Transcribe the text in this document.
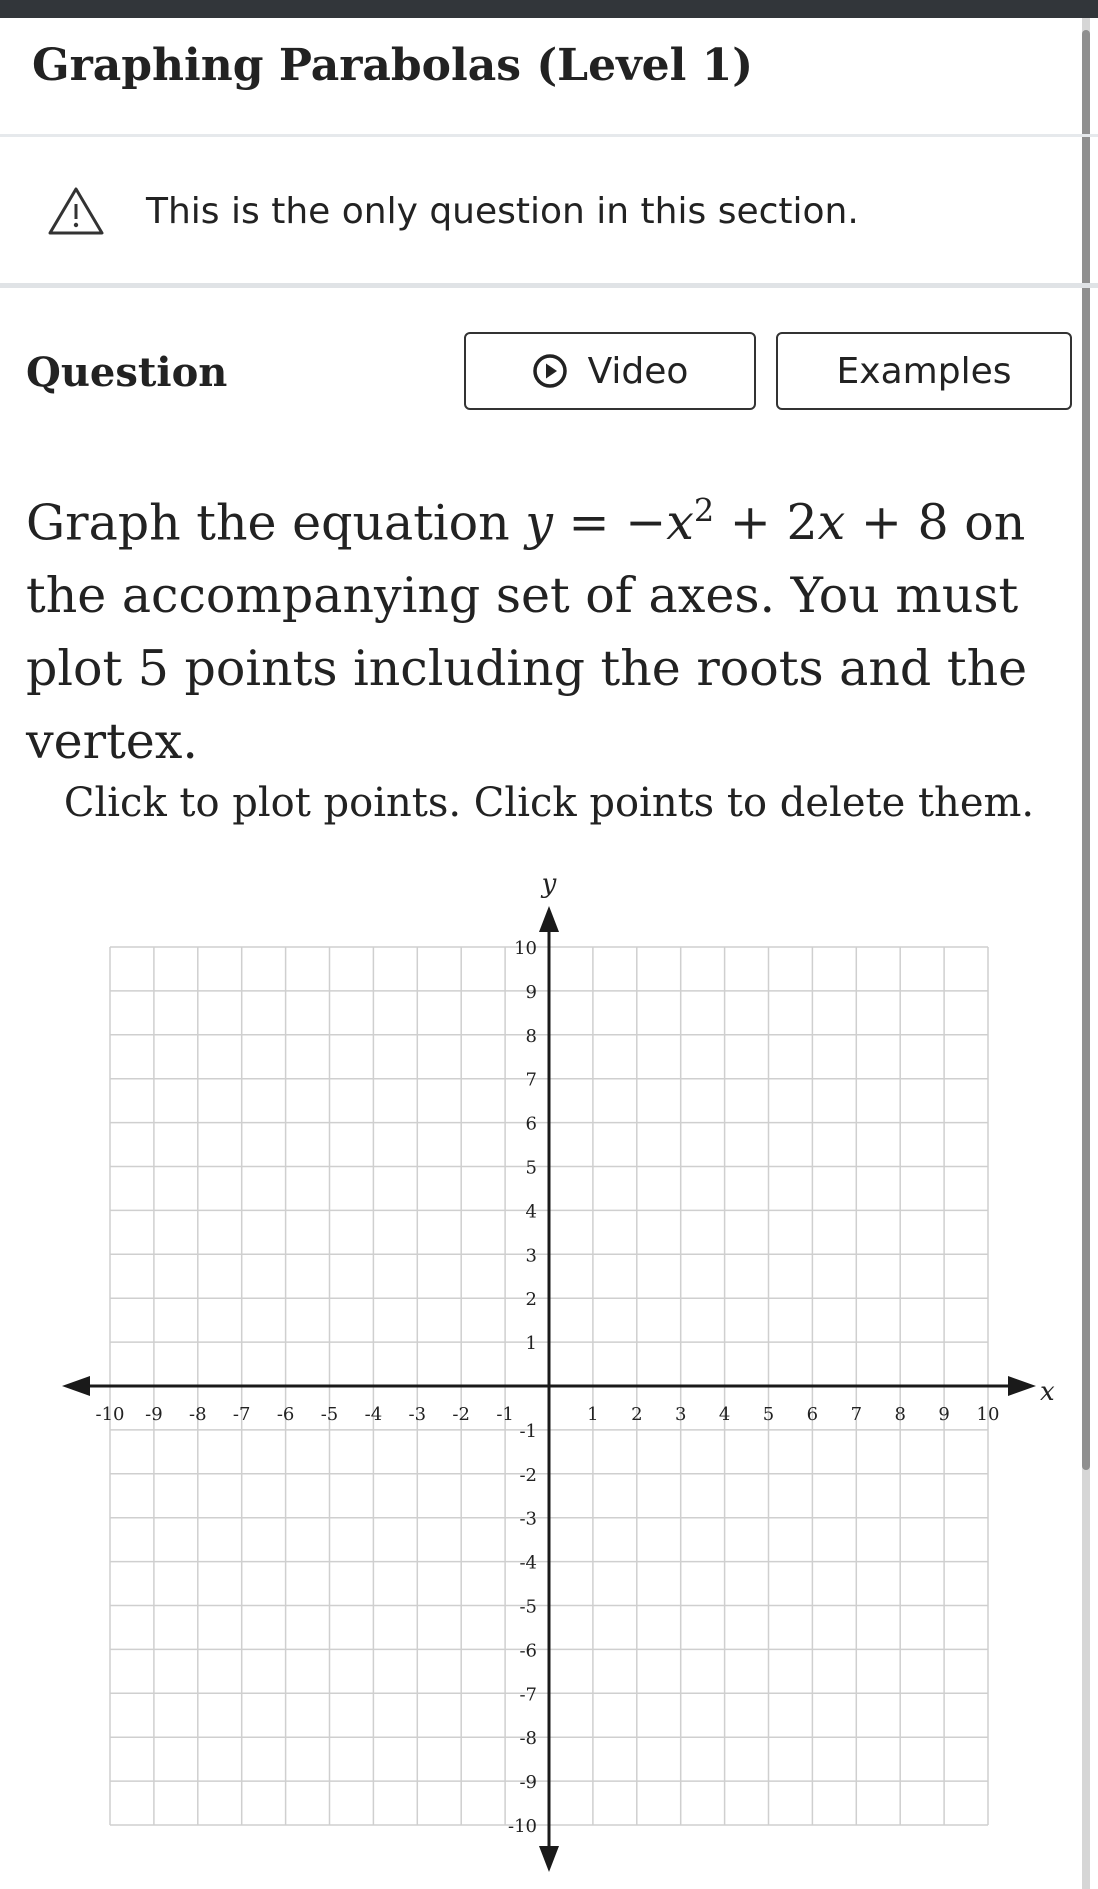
Graphing Parabolas (Level 1)
This is the only question in this section.
Question	Video	Examples

Graph the equation $y = -x^2 + 2x + 8$ on the accompanying set of axes. You must plot 5 points including the roots and the vertex.

Click to plot points. Click points to delete them.
x
y
-10 -9 -8 -7 -6 -5 -4 -3 -2 -1	1 2 3 4 5 6 7 8 9 10
-10
-9
-8
-7
-6
-5
-4
-3
-2
-1
1
2
3
4
5
6
7
8
9
10
